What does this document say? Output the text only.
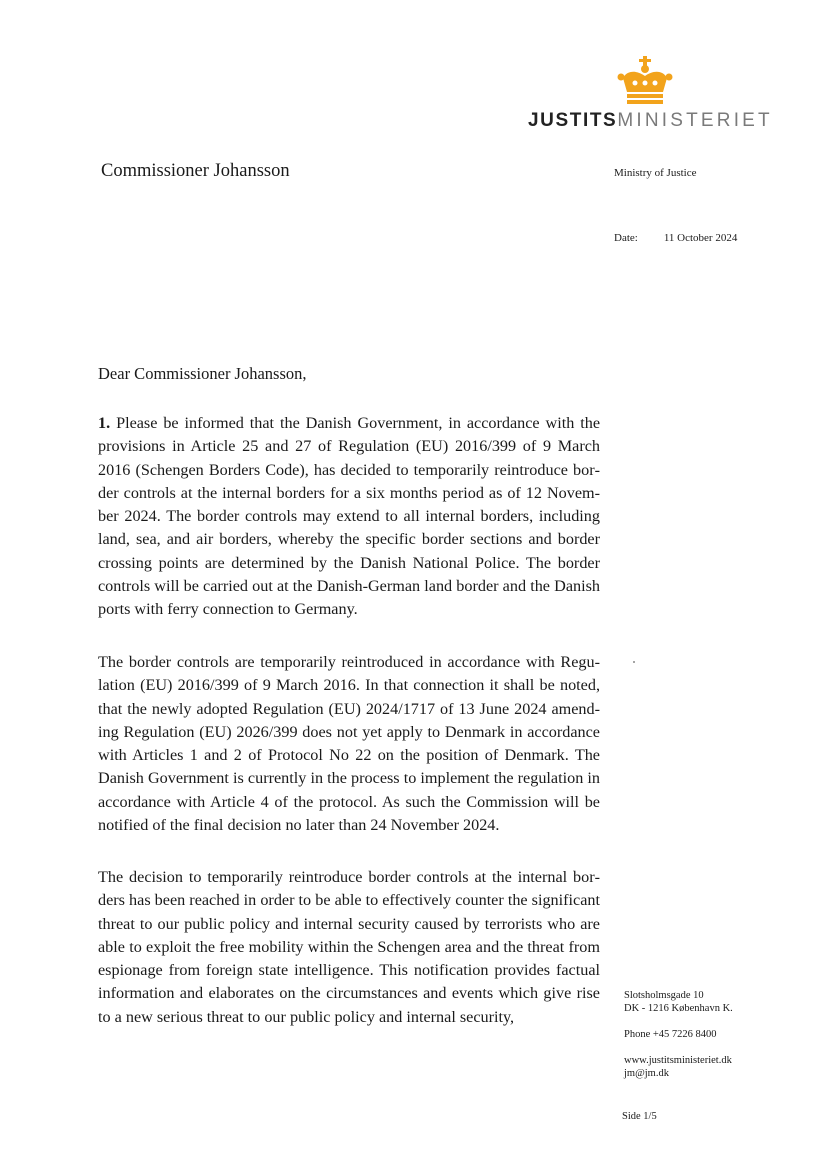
JUSTITSMINISTERIET
Commissioner Johansson	Ministry of Justice
Date: 11 October 2024
Dear Commissioner Johansson,
1. Please be informed that the Danish Government, in accordance with the provisions in Article 25 and 27 of Regulation (EU) 2016/399 of 9 March 2016 (Schengen Borders Code), has decided to temporarily reintroduce border controls at the internal borders for a six months period as of 12 November 2024. The border controls may extend to all internal borders, including land, sea, and air borders, whereby the specific border sections and border crossing points are determined by the Danish National Police. The border controls will be carried out at the Danish-German land border and the Danish ports with ferry connection to Germany.
The border controls are temporarily reintroduced in accordance with Regulation (EU) 2016/399 of 9 March 2016. In that connection it shall be noted, that the newly adopted Regulation (EU) 2024/1717 of 13 June 2024 amending Regulation (EU) 2026/399 does not yet apply to Denmark in accordance with Articles 1 and 2 of Protocol No 22 on the position of Denmark. The Danish Government is currently in the process to implement the regulation in accordance with Article 4 of the protocol. As such the Commission will be notified of the final decision no later than 24 November 2024.
The decision to temporarily reintroduce border controls at the internal borders has been reached in order to be able to effectively counter the significant threat to our public policy and internal security caused by terrorists who are able to exploit the free mobility within the Schengen area and the threat from espionage from foreign state intelligence. This notification provides factual information and elaborates on the circumstances and events which give rise to a new serious threat to our public policy and internal security,
Slotsholmsgade 10
DK - 1216 København K.
Phone +45 7226 8400
www.justitsministeriet.dk
jm@jm.dk
Side 1/5
